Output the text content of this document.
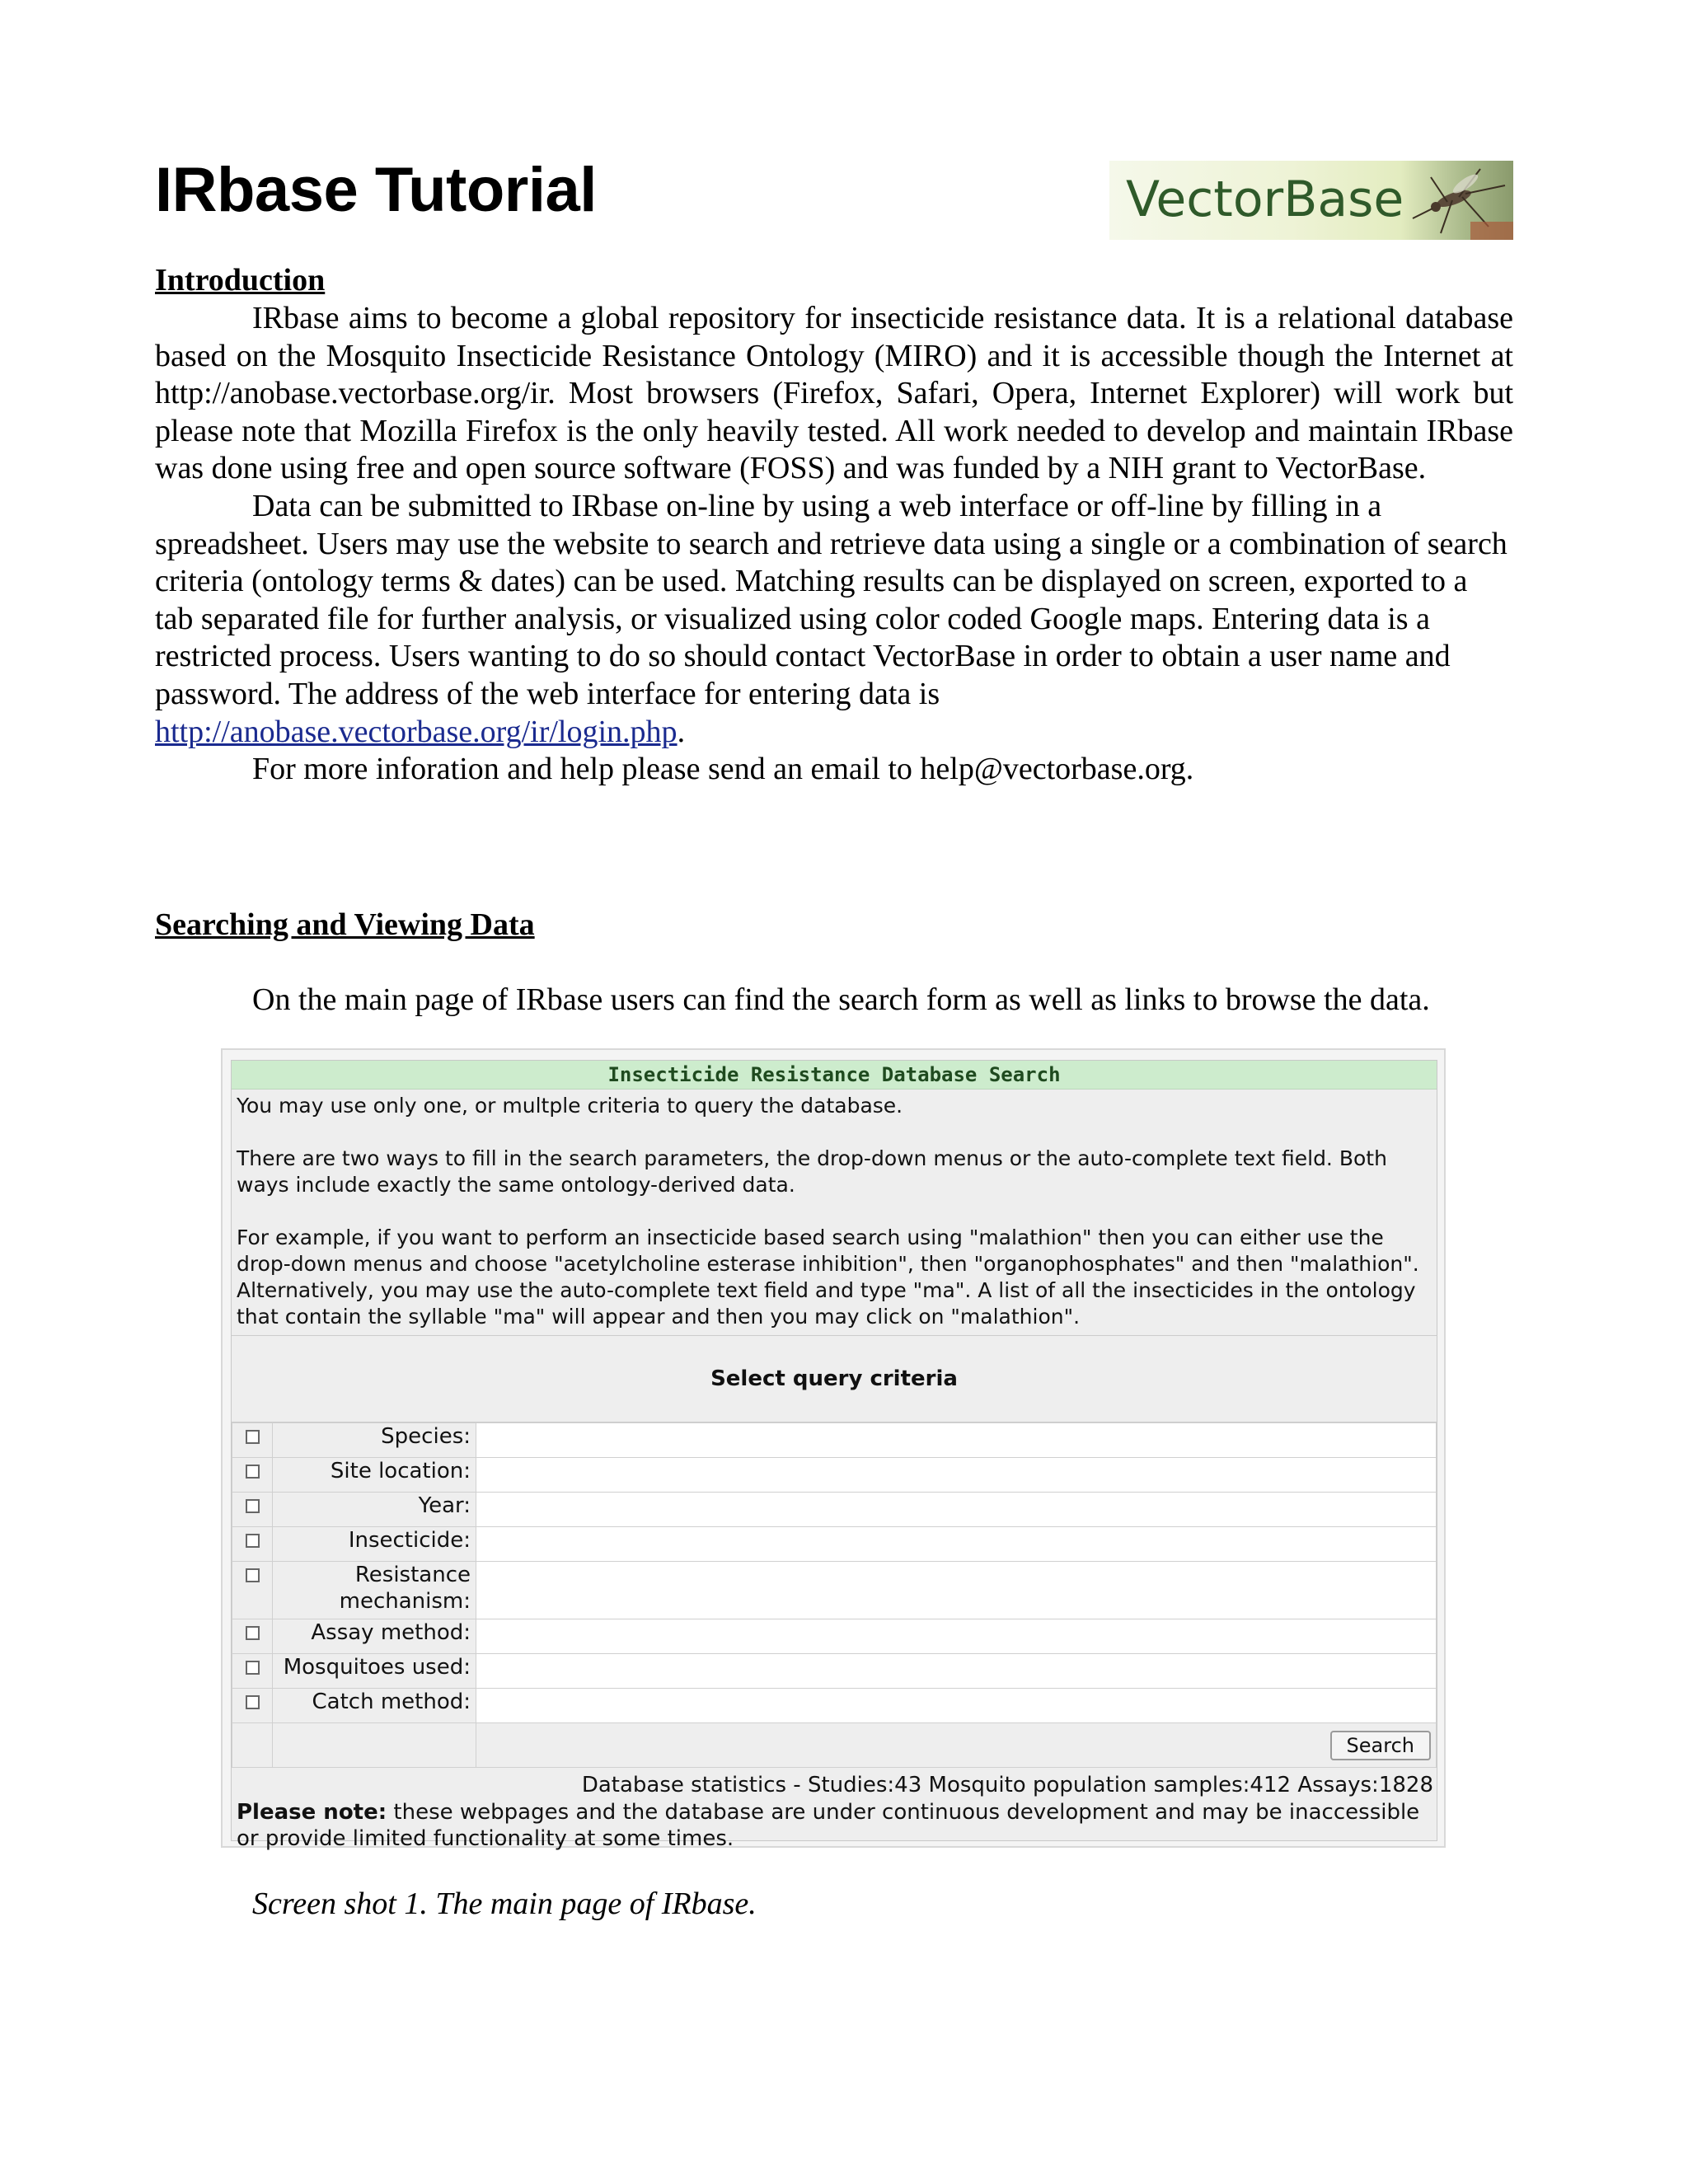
IRbase Tutorial	VectorBase
Introduction

IRbase aims to become a global repository for insecticide resistance data. It is a relational database based on the Mosquito Insecticide Resistance Ontology (MIRO) and it is accessible though the Internet at http://anobase.vectorbase.org/ir. Most browsers (Firefox, Safari, Opera, Internet Explorer) will work but please note that Mozilla Firefox is the only heavily tested. All work needed to develop and maintain IRbase was done using free and open source software (FOSS) and was funded by a NIH grant to VectorBase.

Data can be submitted to IRbase on-line by using a web interface or off-line by filling in a spreadsheet. Users may use the website to search and retrieve data using a single or a combination of search criteria (ontology terms & dates) can be used. Matching results can be displayed on screen, exported to a tab separated file for further analysis, or visualized using color coded Google maps. Entering data is a restricted process. Users wanting to do so should contact VectorBase in order to obtain a user name and password. The address of the web interface for entering data is
http://anobase.vectorbase.org/ir/login.php.

For more inforation and help please send an email to help@vectorbase.org.

Searching and Viewing Data

On the main page of IRbase users can find the search form as well as links to browse the data.

Insecticide Resistance Database Search

You may use only one, or multple criteria to query the database.

There are two ways to fill in the search parameters, the drop-down menus or the auto-complete text field. Both ways include exactly the same ontology-derived data.

For example, if you want to perform an insecticide based search using "malathion" then you can either use the drop-down menus and choose "acetylcholine esterase inhibition", then "organophosphates" and then "malathion". Alternatively, you may use the auto-complete text field and type "ma". A list of all the insecticides in the ontology that contain the syllable "ma" will appear and then you may click on "malathion".

Select query criteria
	Species:	
	Site location:	
	Year:	
	Insecticide:	
	Resistance mechanism:	
	Assay method:	
	Mosquitoes used:	
	Catch method:	
		Search
Database statistics - Studies:43 Mosquito population samples:412 Assays:1828
Please note: these webpages and the database are under continuous development and may be inaccessible or provide limited functionality at some times.

Screen shot 1. The main page of IRbase.
